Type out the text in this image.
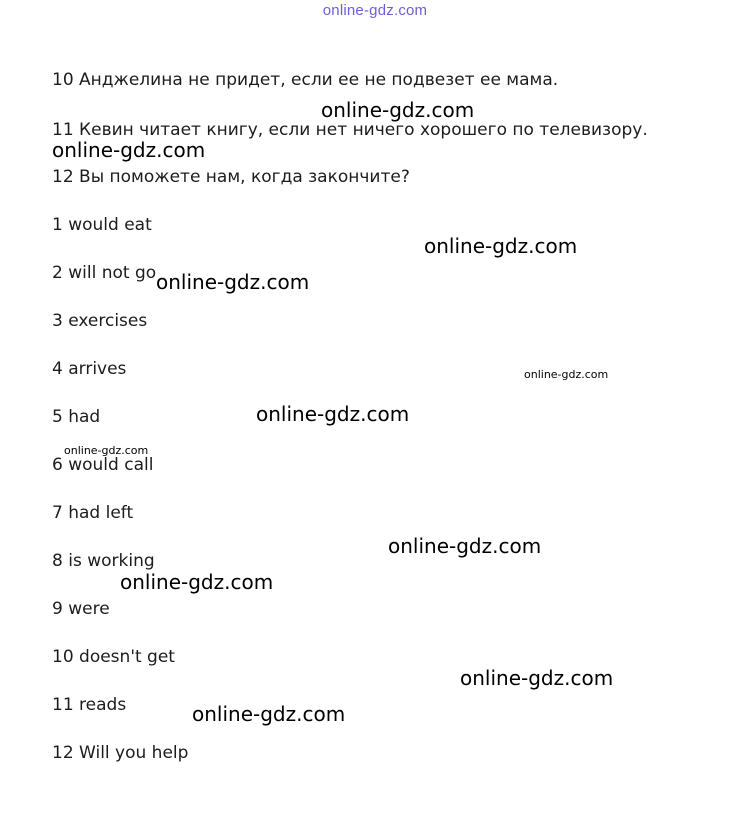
online-gdz.com
10 Анджелина не придет, если ее не подвезет ее мама.
11 Кевин читает книгу, если нет ничего хорошего по телевизору.
12 Вы поможете нам, когда закончите?
1 would eat
2 will not go
3 exercises
4 arrives
5 had
6 would call
7 had left
8 is working
9 were
10 doesn't get
11 reads
12 Will you help
online-gdz.com
online-gdz.com
online-gdz.com
online-gdz.com
online-gdz.com
online-gdz.com
online-gdz.com
online-gdz.com
online-gdz.com
online-gdz.com
online-gdz.com
